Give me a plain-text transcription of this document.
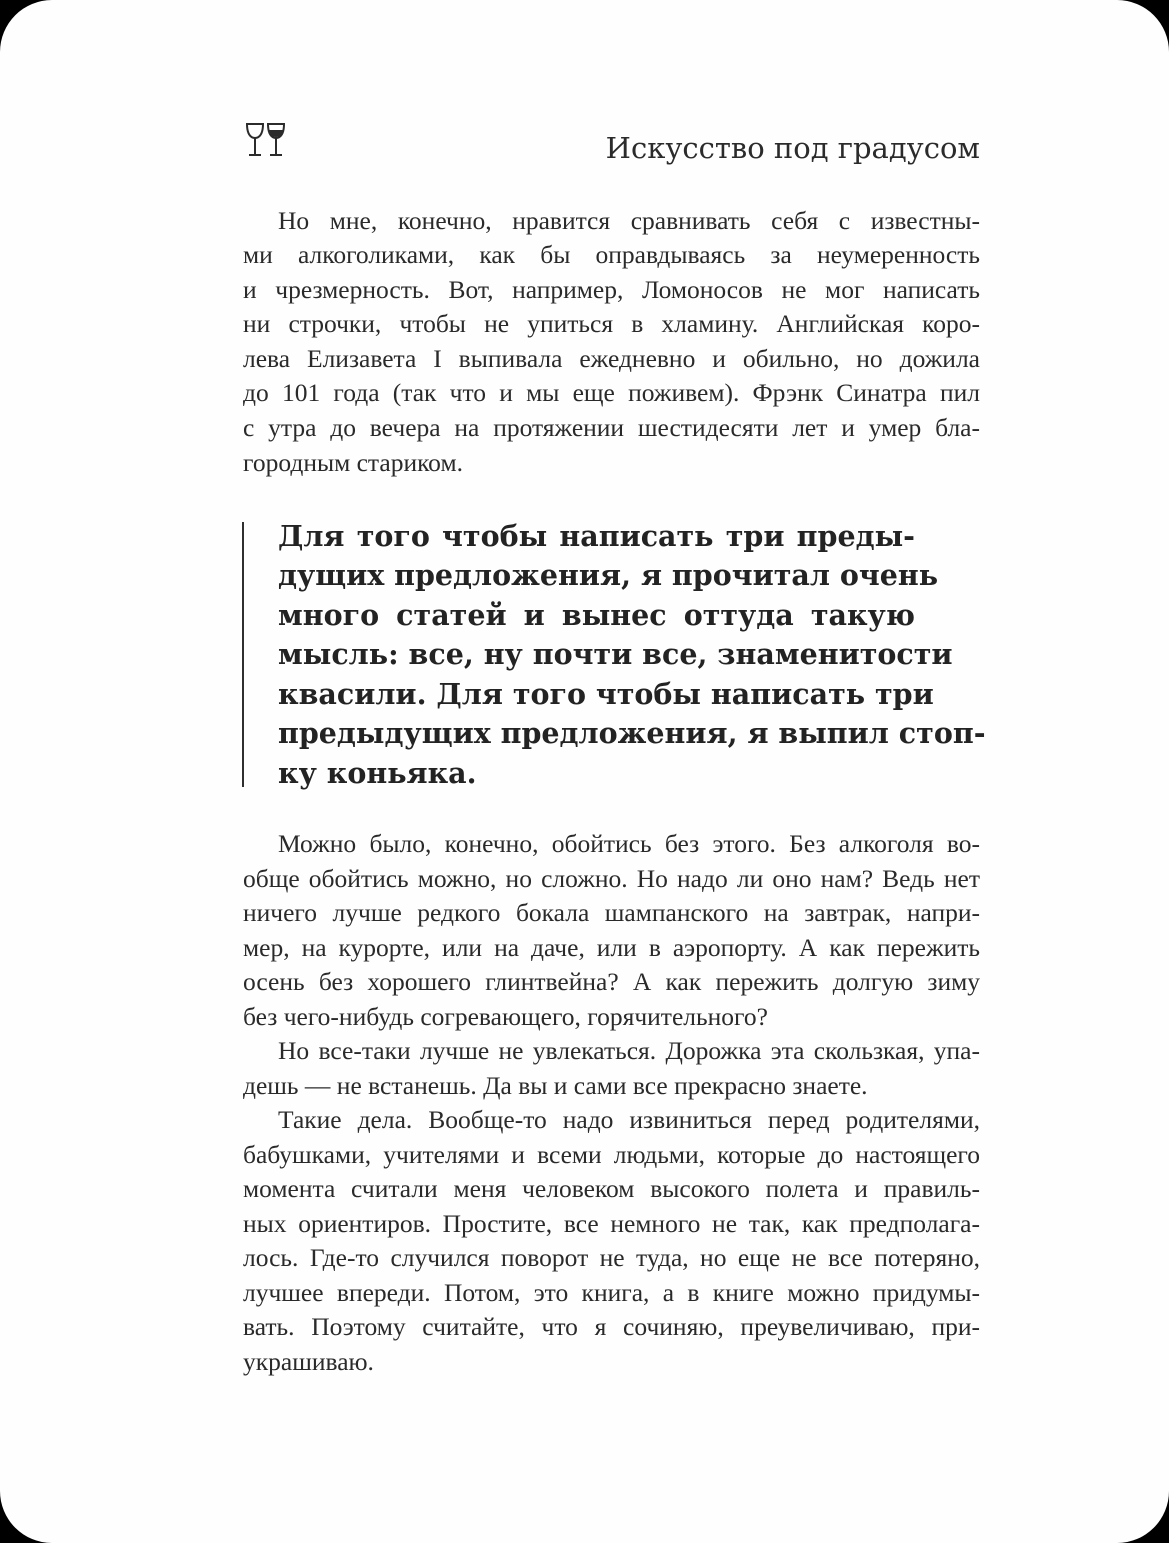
Искусство под градусом
Но мне, конечно, нравится сравнивать себя с известны-
ми алкоголиками, как бы оправдываясь за неумеренность
и чрезмерность. Вот, например, Ломоносов не мог написать
ни строчки, чтобы не упиться в хламину. Английская коро-
лева Елизавета I выпивала ежедневно и обильно, но дожила
до 101 года (так что и мы еще поживем). Фрэнк Синатра пил
с утра до вечера на протяжении шестидесяти лет и умер бла-
городным стариком.
Для того чтобы написать три преды-
дущих предложения, я прочитал очень
много статей и вынес оттуда такую
мысль: все, ну почти все, знаменитости
квасили. Для того чтобы написать три
предыдущих предложения, я выпил стоп-
ку коньяка.
Можно было, конечно, обойтись без этого. Без алкоголя во-
обще обойтись можно, но сложно. Но надо ли оно нам? Ведь нет
ничего лучше редкого бокала шампанского на завтрак, напри-
мер, на курорте, или на даче, или в аэропорту. А как пережить
осень без хорошего глинтвейна? А как пережить долгую зиму
без чего-нибудь согревающего, горячительного?
Но все-таки лучше не увлекаться. Дорожка эта скользкая, упа-
дешь — не встанешь. Да вы и сами все прекрасно знаете.
Такие дела. Вообще-то надо извиниться перед родителями,
бабушками, учителями и всеми людьми, которые до настоящего
момента считали меня человеком высокого полета и правиль-
ных ориентиров. Простите, все немного не так, как предполага-
лось. Где-то случился поворот не туда, но еще не все потеряно,
лучшее впереди. Потом, это книга, а в книге можно придумы-
вать. Поэтому считайте, что я сочиняю, преувеличиваю, при-
украшиваю.
